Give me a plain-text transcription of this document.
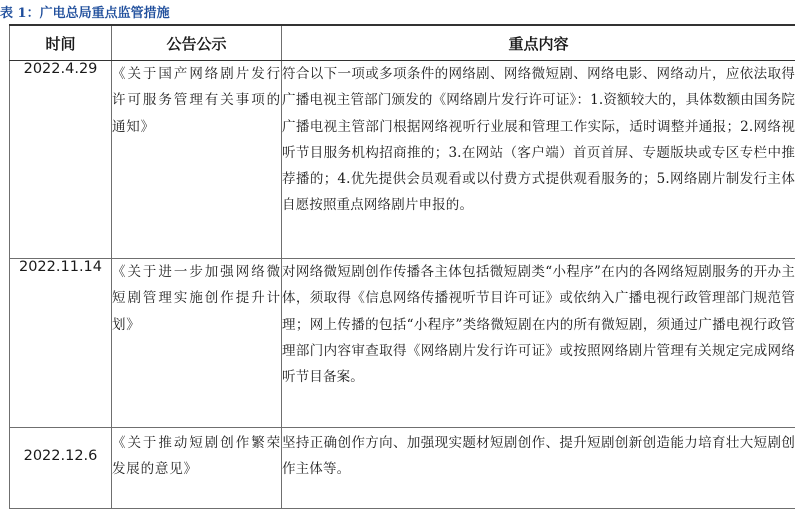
表 1：广电总局重点监管措施
时间	公告公示	重点内容
2022.4.29	《关于国产网络剧片发行许可服务管理有关事项的通知》	符合以下一项或多项条件的网络剧、网络微短剧、网络电影、网络动片，应依法取得广播电视主管部门颁发的《网络剧片发行许可证》：1.资额较大的，具体数额由国务院广播电视主管部门根据网络视听行业展和管理工作实际，适时调整并通报；2.网络视听节目服务机构招商推的；3.在网站（客户端）首页首屏、专题版块或专区专栏中推荐播的；4.优先提供会员观看或以付费方式提供观看服务的；5.网络剧片制发行主体自愿按照重点网络剧片申报的。
2022.11.14	《关于进一步加强网络微短剧管理实施创作提升计划》	对网络微短剧创作传播各主体包括微短剧类“小程序”在内的各网络短剧服务的开办主体，须取得《信息网络传播视听节目许可证》或依纳入广播电视行政管理部门规范管理；网上传播的包括“小程序”类络微短剧在内的所有微短剧，须通过广播电视行政管理部门内容审查取得《网络剧片发行许可证》或按照网络剧片管理有关规定完成网络听节目备案。
2022.12.6	《关于推动短剧创作繁荣发展的意见》	坚持正确创作方向、加强现实题材短剧创作、提升短剧创新创造能力培育壮大短剧创作主体等。
